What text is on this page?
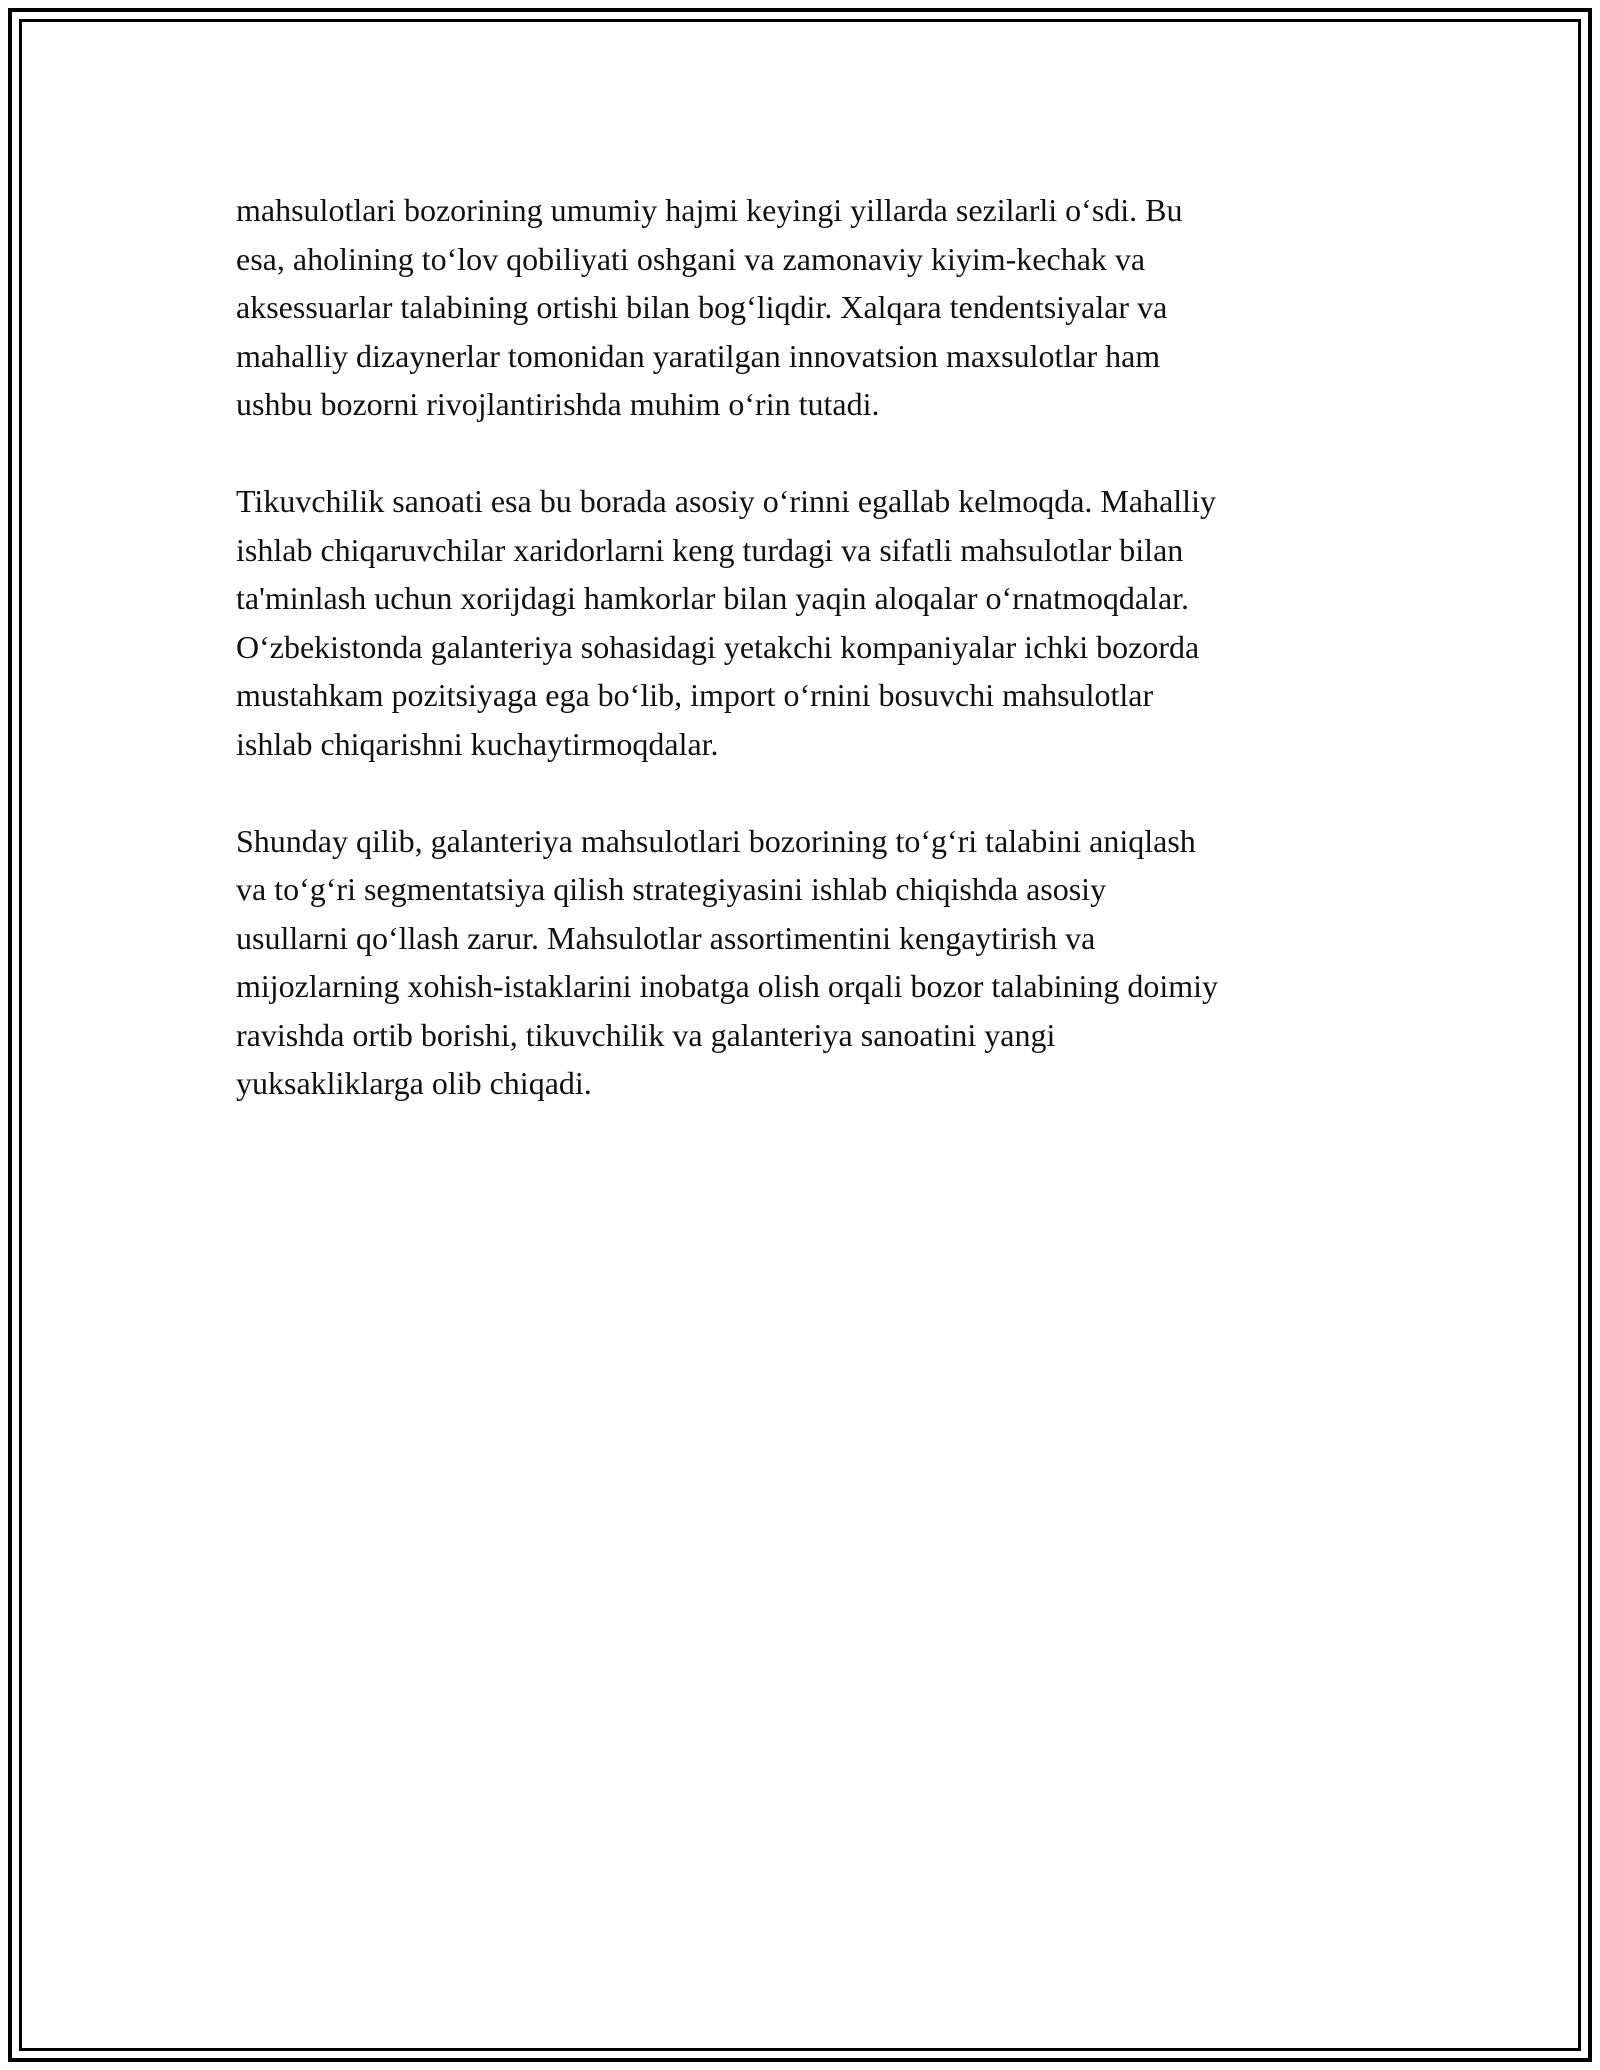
mahsulotlari bozorining umumiy hajmi keyingi yillarda sezilarli o‘sdi. Bu
esa, aholining to‘lov qobiliyati oshgani va zamonaviy kiyim-kechak va
aksessuarlar talabining ortishi bilan bog‘liqdir. Xalqara tendentsiyalar va
mahalliy dizaynerlar tomonidan yaratilgan innovatsion maxsulotlar ham
ushbu bozorni rivojlantirishda muhim o‘rin tutadi.

Tikuvchilik sanoati esa bu borada asosiy o‘rinni egallab kelmoqda. Mahalliy
ishlab chiqaruvchilar xaridorlarni keng turdagi va sifatli mahsulotlar bilan
ta'minlash uchun xorijdagi hamkorlar bilan yaqin aloqalar o‘rnatmoqdalar.
O‘zbekistonda galanteriya sohasidagi yetakchi kompaniyalar ichki bozorda
mustahkam pozitsiyaga ega bo‘lib, import o‘rnini bosuvchi mahsulotlar
ishlab chiqarishni kuchaytirmoqdalar.

Shunday qilib, galanteriya mahsulotlari bozorining to‘g‘ri talabini aniqlash
va to‘g‘ri segmentatsiya qilish strategiyasini ishlab chiqishda asosiy
usullarni qo‘llash zarur. Mahsulotlar assortimentini kengaytirish va
mijozlarning xohish-istaklarini inobatga olish orqali bozor talabining doimiy
ravishda ortib borishi, tikuvchilik va galanteriya sanoatini yangi
yuksakliklarga olib chiqadi.
